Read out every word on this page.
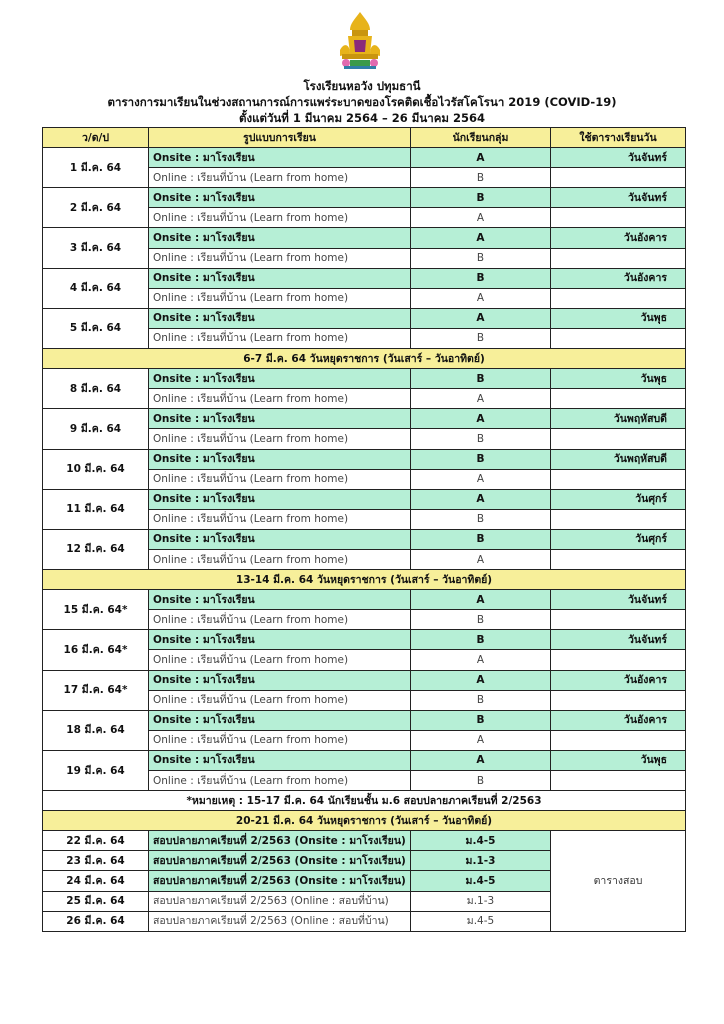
โรงเรียนหอวัง ปทุมธานี
ตารางการมาเรียนในช่วงสถานการณ์การแพร่ระบาดของโรคติดเชื้อไวรัสโคโรนา 2019 (COVID-19)
ตั้งแต่วันที่ 1 มีนาคม 2564 – 26 มีนาคม 2564
ว/ด/ป	รูปแบบการเรียน	นักเรียนกลุ่ม	ใช้ตารางเรียนวัน
1 มี.ค. 64	Onsite : มาโรงเรียน	A	วันจันทร์
	Online : เรียนที่บ้าน (Learn from home)	B	
2 มี.ค. 64	Onsite : มาโรงเรียน	B	วันจันทร์
	Online : เรียนที่บ้าน (Learn from home)	A	
3 มี.ค. 64	Onsite : มาโรงเรียน	A	วันอังคาร
	Online : เรียนที่บ้าน (Learn from home)	B	
4 มี.ค. 64	Onsite : มาโรงเรียน	B	วันอังคาร
	Online : เรียนที่บ้าน (Learn from home)	A	
5 มี.ค. 64	Onsite : มาโรงเรียน	A	วันพุธ
	Online : เรียนที่บ้าน (Learn from home)	B	
6-7 มี.ค. 64 วันหยุดราชการ (วันเสาร์ – วันอาทิตย์)			
8 มี.ค. 64	Onsite : มาโรงเรียน	B	วันพุธ
	Online : เรียนที่บ้าน (Learn from home)	A	
9 มี.ค. 64	Onsite : มาโรงเรียน	A	วันพฤหัสบดี
	Online : เรียนที่บ้าน (Learn from home)	B	
10 มี.ค. 64	Onsite : มาโรงเรียน	B	วันพฤหัสบดี
	Online : เรียนที่บ้าน (Learn from home)	A	
11 มี.ค. 64	Onsite : มาโรงเรียน	A	วันศุกร์
	Online : เรียนที่บ้าน (Learn from home)	B	
12 มี.ค. 64	Onsite : มาโรงเรียน	B	วันศุกร์
	Online : เรียนที่บ้าน (Learn from home)	A	
13-14 มี.ค. 64 วันหยุดราชการ (วันเสาร์ – วันอาทิตย์)			
15 มี.ค. 64*	Onsite : มาโรงเรียน	A	วันจันทร์
	Online : เรียนที่บ้าน (Learn from home)	B	
16 มี.ค. 64*	Onsite : มาโรงเรียน	B	วันจันทร์
	Online : เรียนที่บ้าน (Learn from home)	A	
17 มี.ค. 64*	Onsite : มาโรงเรียน	A	วันอังคาร
	Online : เรียนที่บ้าน (Learn from home)	B	
18 มี.ค. 64	Onsite : มาโรงเรียน	B	วันอังคาร
	Online : เรียนที่บ้าน (Learn from home)	A	
19 มี.ค. 64	Onsite : มาโรงเรียน	A	วันพุธ
	Online : เรียนที่บ้าน (Learn from home)	B	
*หมายเหตุ : 15-17 มี.ค. 64 นักเรียนชั้น ม.6 สอบปลายภาคเรียนที่ 2/2563			
20-21 มี.ค. 64 วันหยุดราชการ (วันเสาร์ – วันอาทิตย์)			
22 มี.ค. 64	สอบปลายภาคเรียนที่ 2/2563 (Onsite : มาโรงเรียน)	ม.4-5	ตารางสอบ
23 มี.ค. 64	สอบปลายภาคเรียนที่ 2/2563 (Onsite : มาโรงเรียน)	ม.1-3	
24 มี.ค. 64	สอบปลายภาคเรียนที่ 2/2563 (Onsite : มาโรงเรียน)	ม.4-5	
25 มี.ค. 64	สอบปลายภาคเรียนที่ 2/2563 (Online : สอบที่บ้าน)	ม.1-3	
26 มี.ค. 64	สอบปลายภาคเรียนที่ 2/2563 (Online : สอบที่บ้าน)	ม.4-5	
